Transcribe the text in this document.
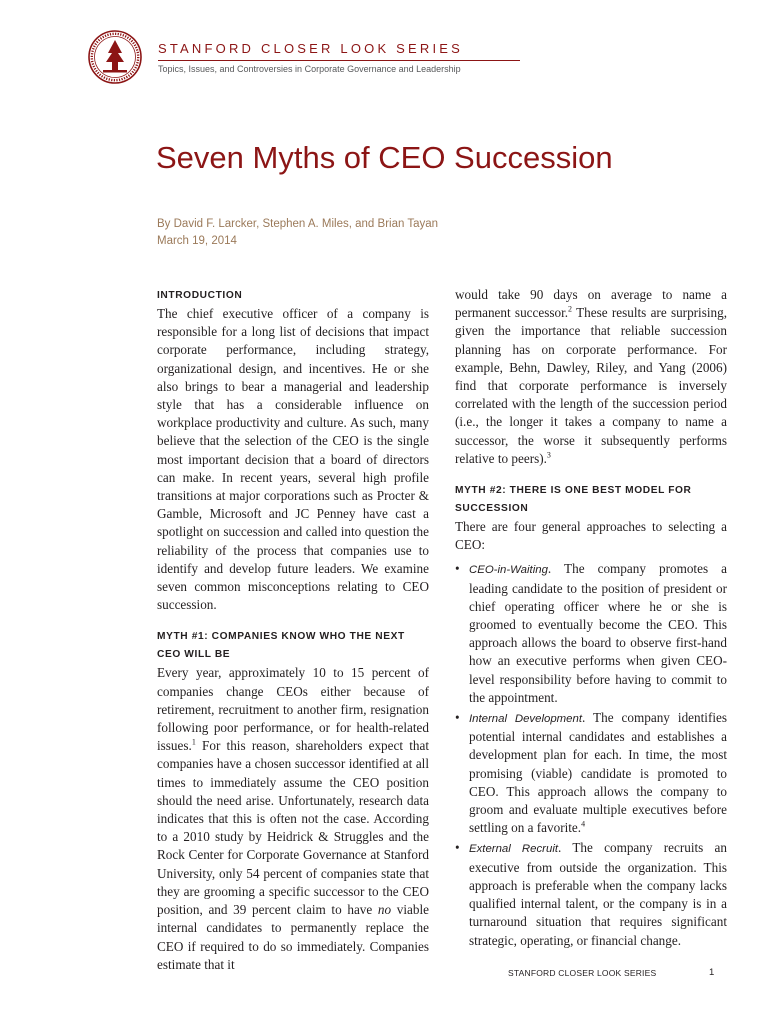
STANFORD CLOSER LOOK SERIES
Topics, Issues, and Controversies in Corporate Governance and Leadership
Seven Myths of CEO Succession
By David F. Larcker, Stephen A. Miles, and Brian Tayan
March 19, 2014
INTRODUCTION

The chief executive officer of a company is responsible for a long list of decisions that impact corporate performance, including strategy, organizational design, and incentives. He or she also brings to bear a managerial and leadership style that has a considerable influence on workplace productivity and culture. As such, many believe that the selection of the CEO is the single most important decision that a board of directors can make. In recent years, several high profile transitions at major corporations such as Procter & Gamble, Microsoft and JC Penney have cast a spotlight on succession and called into question the reliability of the process that companies use to identify and develop future leaders. We examine seven common misconceptions relating to CEO succession.

MYTH #1: COMPANIES KNOW WHO THE NEXT CEO WILL BE

Every year, approximately 10 to 15 percent of companies change CEOs either because of retirement, recruitment to another firm, resignation following poor performance, or for health-related issues.$^1$ For this reason, shareholders expect that companies have a chosen successor identified at all times to immediately assume the CEO position should the need arise. Unfortunately, research data indicates that this is often not the case. According to a 2010 study by Heidrick & Struggles and the Rock Center for Corporate Governance at Stanford University, only 54 percent of companies state that they are grooming a specific successor to the CEO position, and 39 percent claim to have no viable internal candidates to permanently replace the CEO if required to do so immediately. Companies estimate that it

would take 90 days on average to name a permanent successor.$^2$ These results are surprising, given the importance that reliable succession planning has on corporate performance. For example, Behn, Dawley, Riley, and Yang (2006) find that corporate performance is inversely correlated with the length of the succession period (i.e., the longer it takes a company to name a successor, the worse it subsequently performs relative to peers).$^3$

MYTH #2: THERE IS ONE BEST MODEL FOR SUCCESSION

There are four general approaches to selecting a CEO:

• CEO-in-Waiting. The company promotes a leading candidate to the position of president or chief operating officer where he or she is groomed to eventually become the CEO. This approach allows the board to observe first-hand how an executive performs when given CEO-level responsibility before having to commit to the appointment.
• Internal Development. The company identifies potential internal candidates and establishes a development plan for each. In time, the most promising (viable) candidate is promoted to CEO. This approach allows the company to groom and evaluate multiple executives before settling on a favorite.$^4$
• External Recruit. The company recruits an executive from outside the organization. This approach is preferable when the company lacks qualified internal talent, or the company is in a turnaround situation that requires significant strategic, operating, or financial change.
STANFORD CLOSER LOOK SERIES	1
